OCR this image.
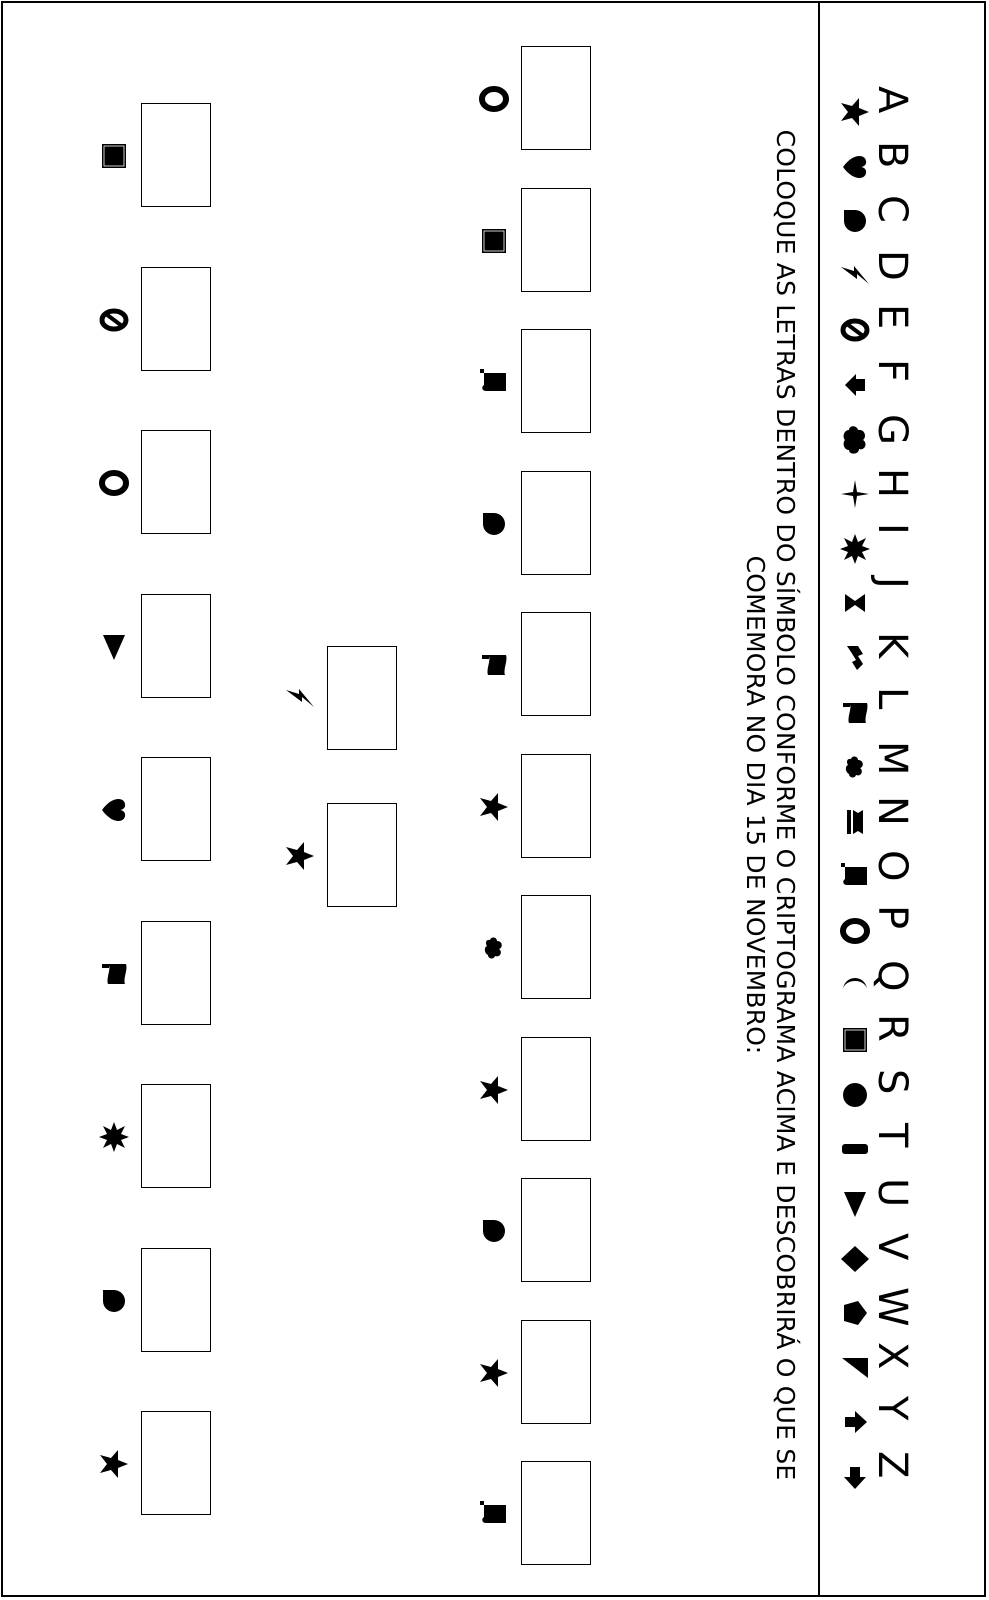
A
B
C
D
E
F
G
H
I
J
K
L
M
N
O
P
Q
R
S
T
U
V
W
X
Y
Z
COLOQUE AS LETRAS DENTRO DO SÍMBOLO CONFORME O CRIPTOGRAMA ACIMA E DESCOBRIRÁ O QUE SE COMEMORA NO DIA 15 DE NOVEMBRO:
